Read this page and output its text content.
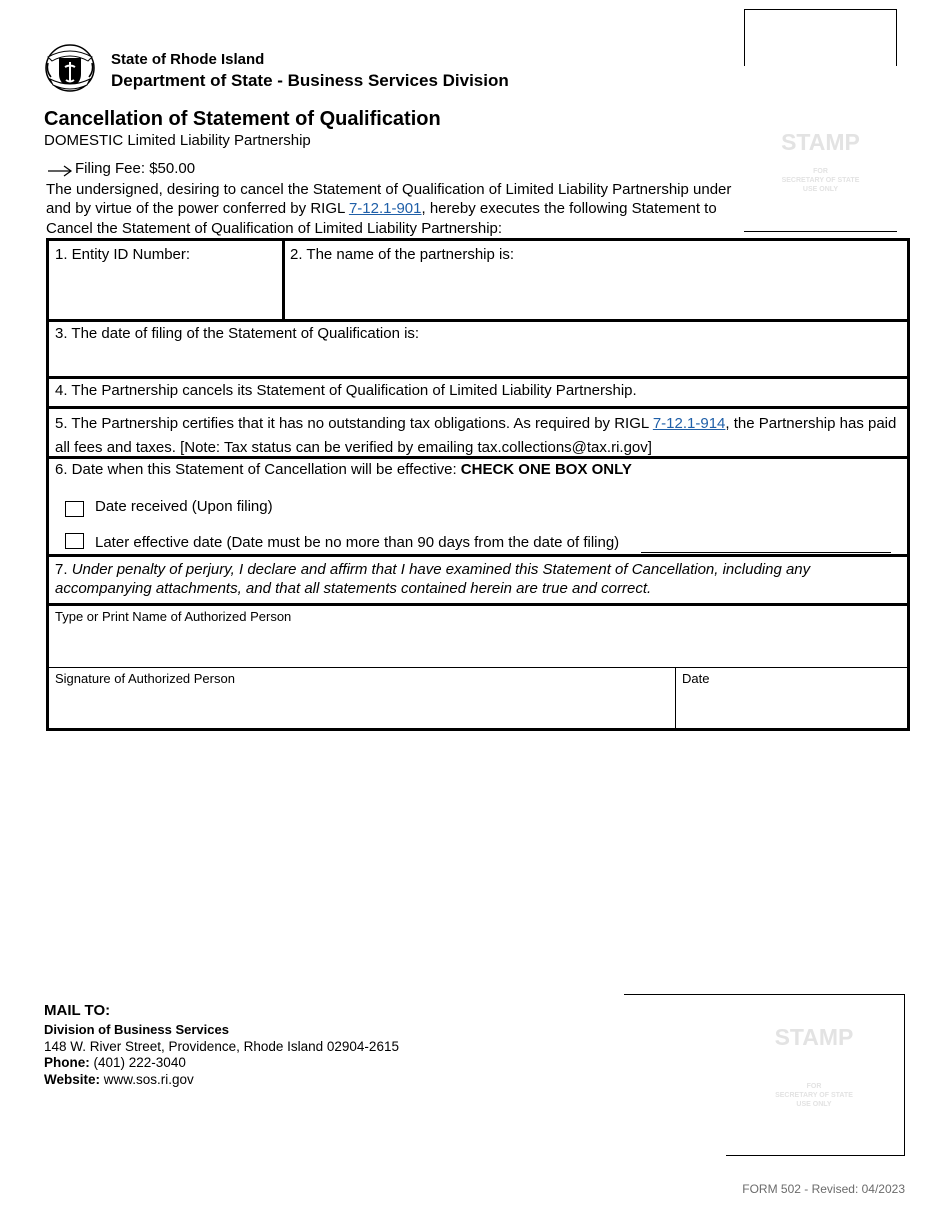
State of Rhode Island
Department of State - Business Services Division
Cancellation of Statement of Qualification
DOMESTIC Limited Liability Partnership
Filing Fee: $50.00
The undersigned, desiring to cancel the Statement of Qualification of Limited Liability Partnership under and by virtue of the power conferred by RIGL 7-12.1-901, hereby executes the following Statement to Cancel the Statement of Qualification of Limited Liability Partnership:
STAMP
FOR
SECRETARY OF STATE
USE ONLY
1. Entity ID Number:	2. The name of the partnership is:
3. The date of filing of the Statement of Qualification is:
4. The Partnership cancels its Statement of Qualification of Limited Liability Partnership.
5. The Partnership certifies that it has no outstanding tax obligations. As required by RIGL 7-12.1-914, the Partnership has paid all fees and taxes. [Note: Tax status can be verified by emailing tax.collections@tax.ri.gov]
6. Date when this Statement of Cancellation will be effective: CHECK ONE BOX ONLY
Date received (Upon filing)
Later effective date (Date must be no more than 90 days from the date of filing)
7. Under penalty of perjury, I declare and affirm that I have examined this Statement of Cancellation, including any accompanying attachments, and that all statements contained herein are true and correct.
Type or Print Name of Authorized Person
Signature of Authorized Person	Date
MAIL TO:
Division of Business Services
148 W. River Street, Providence, Rhode Island 02904-2615
Phone: (401) 222-3040
Website: www.sos.ri.gov
STAMP
FOR
SECRETARY OF STATE
USE ONLY
FORM 502 - Revised: 04/2023
